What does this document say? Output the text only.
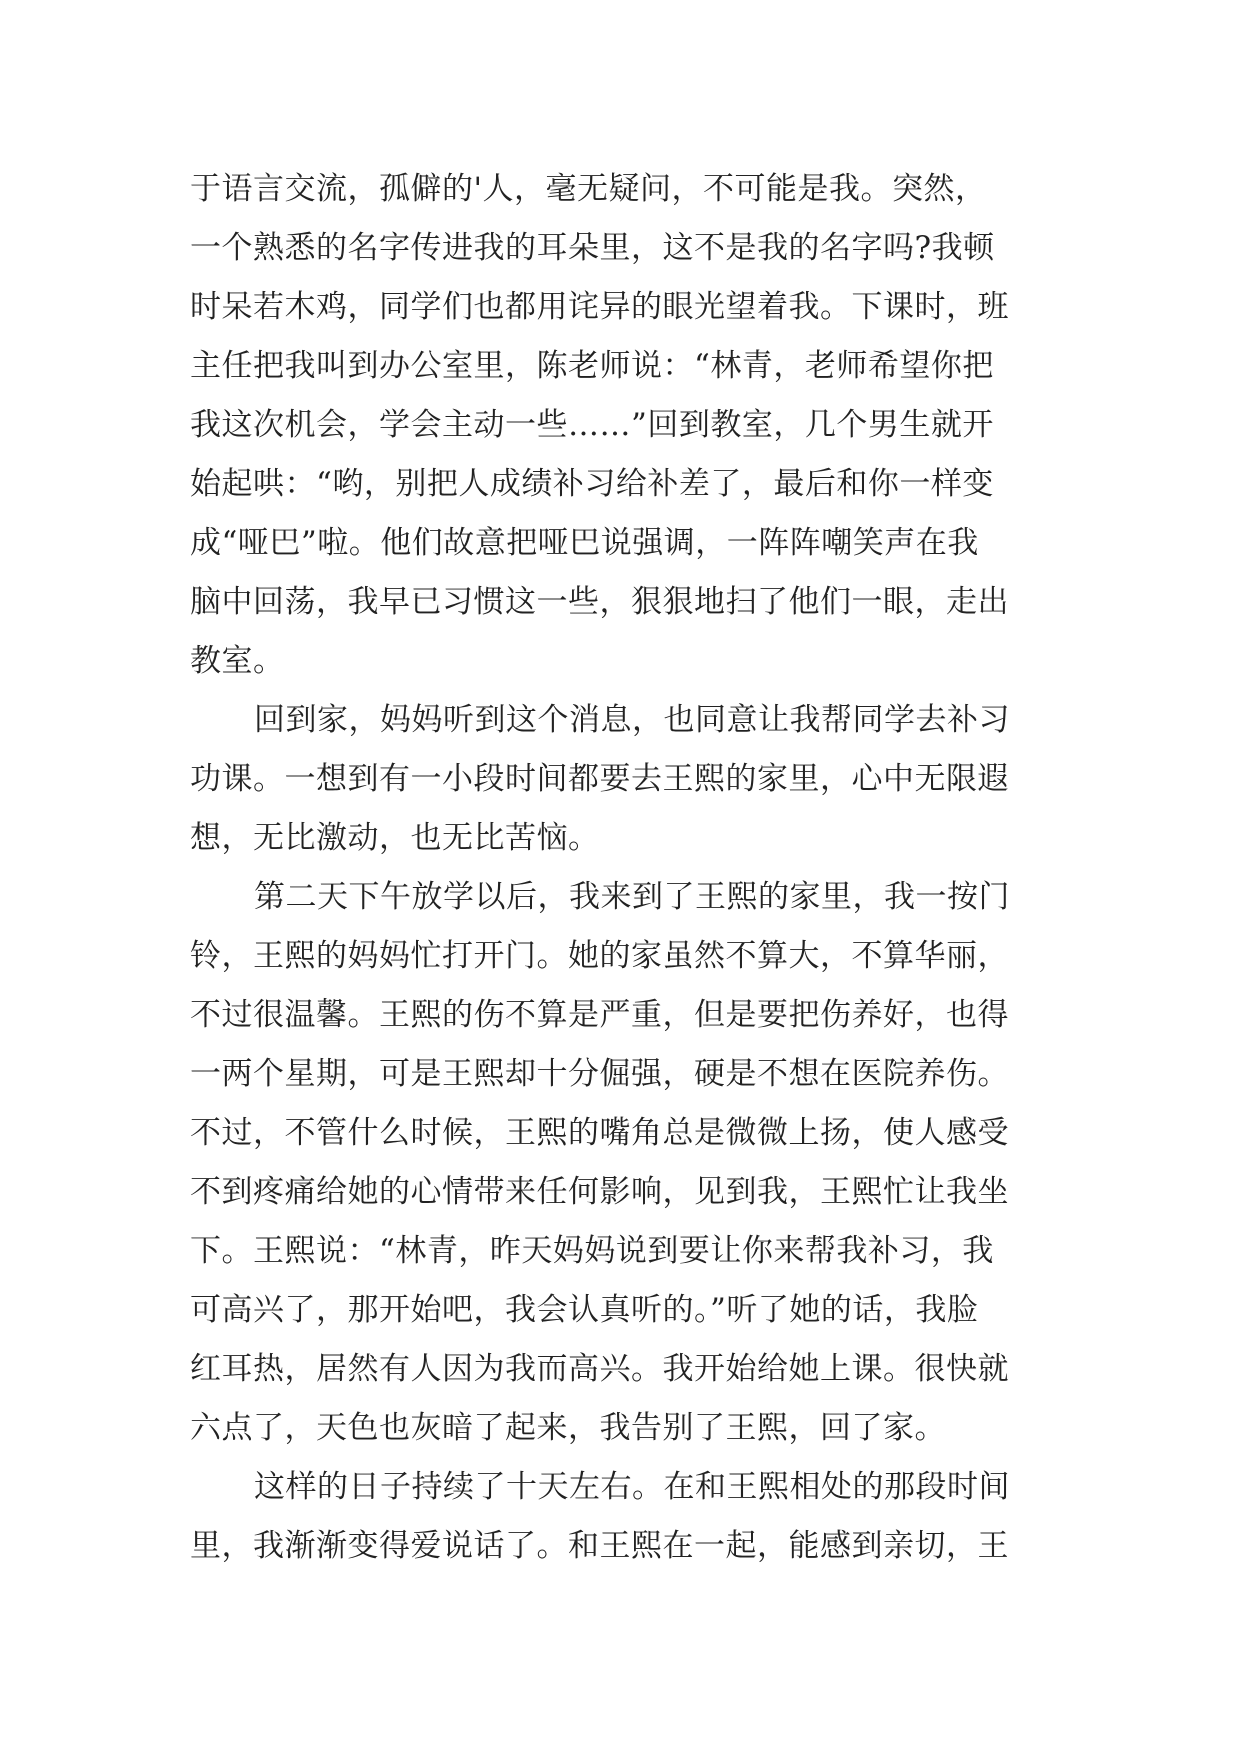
于语言交流，孤僻的'人，毫无疑问，不可能是我。突然，
一个熟悉的名字传进我的耳朵里，这不是我的名字吗?我顿
时呆若木鸡，同学们也都用诧异的眼光望着我。下课时，班
主任把我叫到办公室里，陈老师说：“林青，老师希望你把
我这次机会，学会主动一些……”回到教室，几个男生就开
始起哄：“哟，别把人成绩补习给补差了，最后和你一样变
成“哑巴”啦。他们故意把哑巴说强调，一阵阵嘲笑声在我
脑中回荡，我早已习惯这一些，狠狠地扫了他们一眼，走出
教室。
回到家，妈妈听到这个消息，也同意让我帮同学去补习
功课。一想到有一小段时间都要去王熙的家里，心中无限遐
想，无比激动，也无比苦恼。
第二天下午放学以后，我来到了王熙的家里，我一按门
铃，王熙的妈妈忙打开门。她的家虽然不算大，不算华丽，
不过很温馨。王熙的伤不算是严重，但是要把伤养好，也得
一两个星期，可是王熙却十分倔强，硬是不想在医院养伤。
不过，不管什么时候，王熙的嘴角总是微微上扬，使人感受
不到疼痛给她的心情带来任何影响，见到我，王熙忙让我坐
下。王熙说：“林青，昨天妈妈说到要让你来帮我补习，我
可高兴了，那开始吧，我会认真听的。”听了她的话，我脸
红耳热，居然有人因为我而高兴。我开始给她上课。很快就
六点了，天色也灰暗了起来，我告别了王熙，回了家。
这样的日子持续了十天左右。在和王熙相处的那段时间
里，我渐渐变得爱说话了。和王熙在一起，能感到亲切，王
